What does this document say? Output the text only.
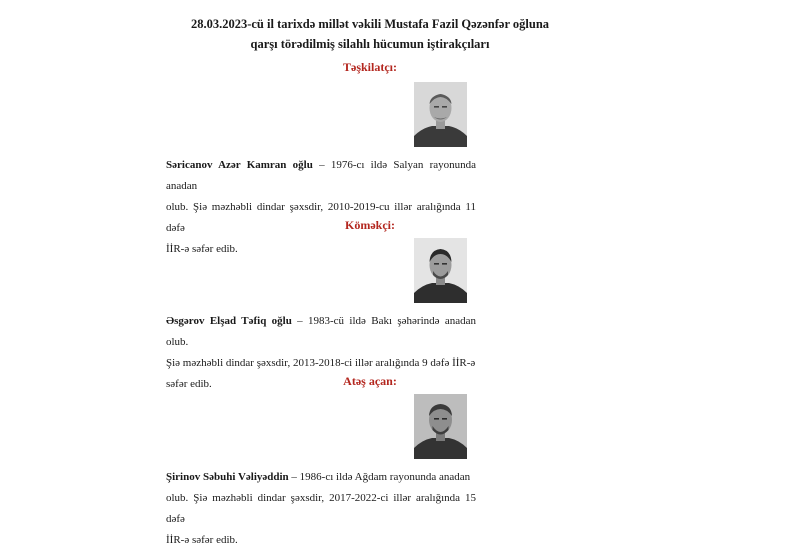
28.03.2023-cü il tarixdə millət vəkili Mustafa Fazil Qəzənfər oğluna
qarşı törədilmiş silahlı hücumun iştirakçıları
Təşkilatçı:
Səricanov Azər Kamran oğlu – 1976-cı ildə Salyan rayonunda anadan
olub. Şiə məzhəbli dindar şəxsdir, 2010-2019-cu illər aralığında 11 dəfə
İİR-ə səfər edib.
Köməkçi:
Əsgərov Elşad Təfiq oğlu – 1983-cü ildə Bakı şəhərində anadan olub.
Şiə məzhəbli dindar şəxsdir, 2013-2018-ci illər aralığında 9 dəfə İİR-ə
səfər edib.	Atəş açan:
Şirinov Səbuhi Vəliyəddin – 1986-cı ildə Ağdam rayonunda anadan
olub. Şiə məzhəbli dindar şəxsdir, 2017-2022-ci illər aralığında 15 dəfə
İİR-ə səfər edib.
